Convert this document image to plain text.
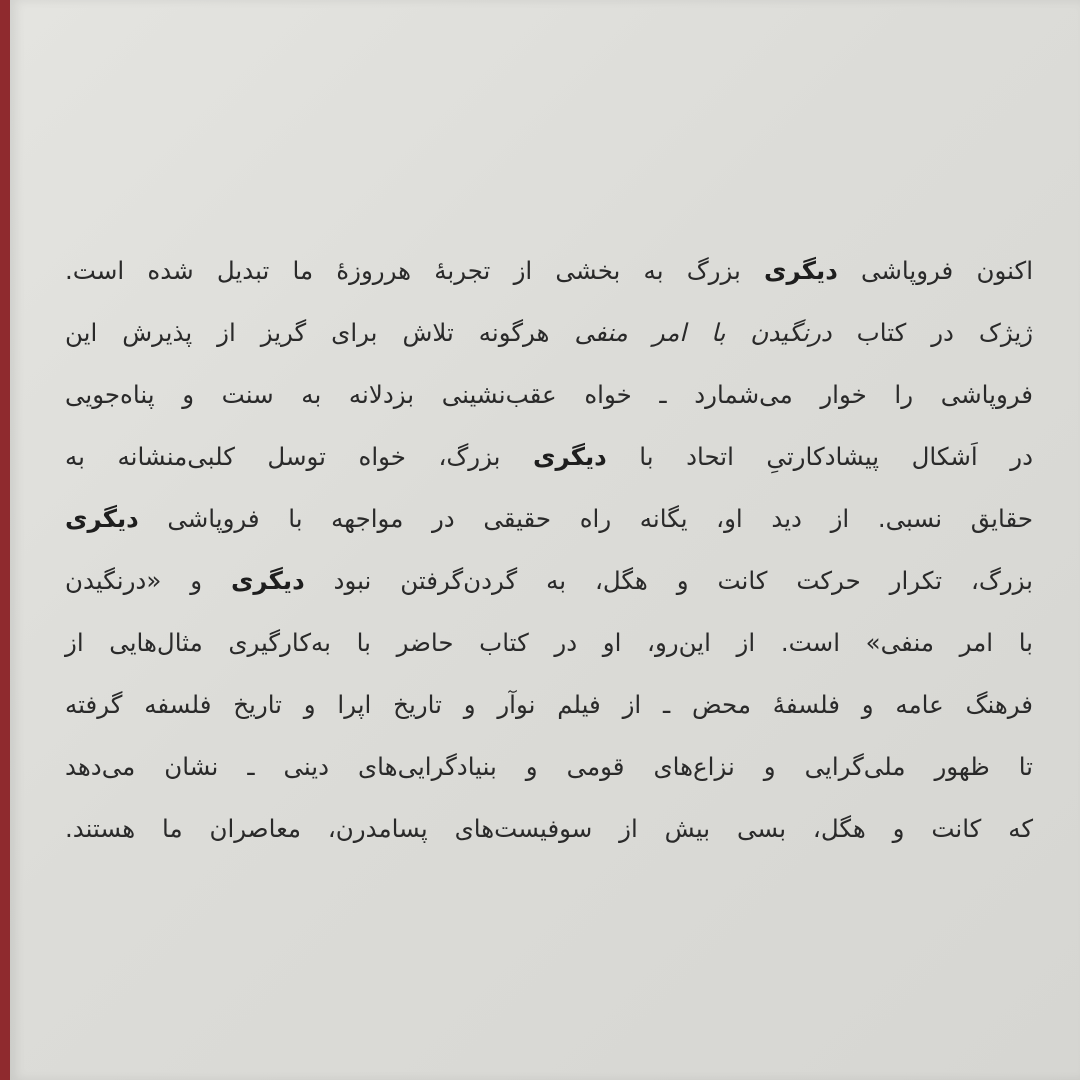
اکنون فروپاشی دیگری بزرگ به بخشی از تجربهٔ هرروزهٔ ما تبدیل شده است.
ژیژک در کتاب درنگیدن با امر منفی هرگونه تلاش برای گریز از پذیرش این
فروپاشی را خوار می‌شمارد ـ خواه عقب‌نشینی بزدلانه به سنت و پناه‌جویی
در اَشکال پیشادکارتیِ اتحاد با دیگری بزرگ، خواه توسل کلبی‌منشانه به
حقایق نسبی. از دید او، یگانه راه حقیقی در مواجهه با فروپاشی دیگری
بزرگ، تکرار حرکت کانت و هگل، به گردن‌گرفتن نبود دیگری و «درنگیدن
با امر منفی» است. از این‌رو، او در کتاب حاضر با به‌کارگیری مثال‌هایی از
فرهنگ عامه و فلسفهٔ محض ـ از فیلم نوآر و تاریخ اپرا و تاریخ فلسفه گرفته
تا ظهور ملی‌گرایی و نزاع‌های قومی و بنیادگرایی‌های دینی ـ نشان می‌دهد
که کانت و هگل، بسی بیش از سوفیست‌های پسامدرن، معاصران ما هستند.
